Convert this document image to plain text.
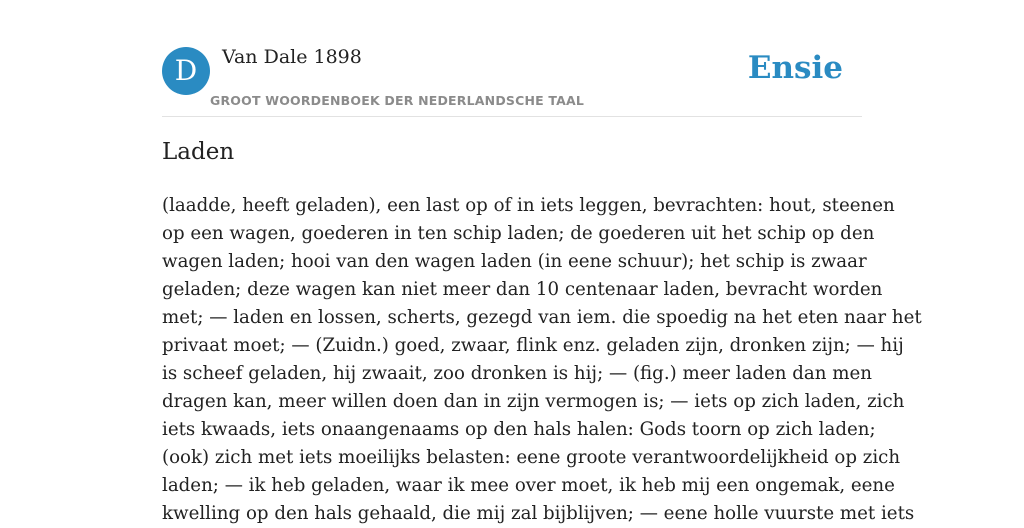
D	Van Dale 1898
GROOT WOORDENBOEK DER NEDERLANDSCHE TAAL
Ensie
Laden
(laadde, heeft geladen), een last op of in iets leggen, bevrachten: hout, steenen
op een wagen, goederen in ten schip laden; de goederen uit het schip op den
wagen laden; hooi van den wagen laden (in eene schuur); het schip is zwaar
geladen; deze wagen kan niet meer dan 10 centenaar laden, bevracht worden
met; — laden en lossen, scherts, gezegd van iem. die spoedig na het eten naar het
privaat moet; — (Zuidn.) goed, zwaar, flink enz. geladen zijn, dronken zijn; — hij
is scheef geladen, hij zwaait, zoo dronken is hij; — (fig.) meer laden dan men
dragen kan, meer willen doen dan in zijn vermogen is; — iets op zich laden, zich
iets kwaads, iets onaangenaams op den hals halen: Gods toorn op zich laden;
(ook) zich met iets moeilijks belasten: eene groote verantwoordelijkheid op zich
laden; — ik heb geladen, waar ik mee over moet, ik heb mij een ongemak, eene
kwelling op den hals gehaald, die mij zal bijblijven; — eene holle vuurste met iets
